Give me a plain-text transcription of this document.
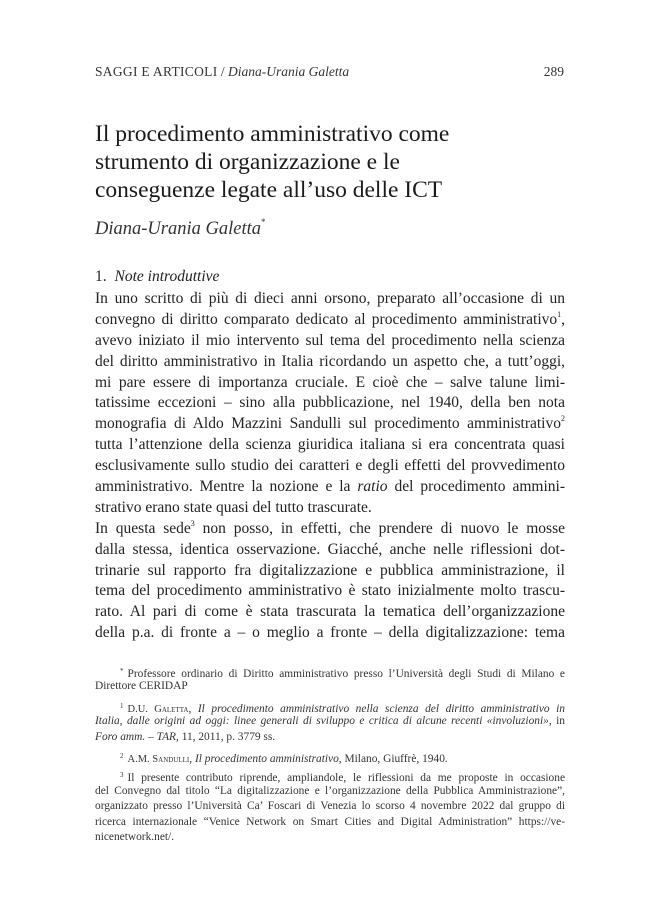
SAGGI E ARTICOLI / Diana-Urania Galetta	289
Il procedimento amministrativo come
strumento di organizzazione e le
conseguenze legate all’uso delle ICT
Diana-Urania Galetta*
1. Note introduttive
In uno scritto di più di dieci anni orsono, preparato all’occasione di un
convegno di diritto comparato dedicato al procedimento amministrativo$^1$,
avevo iniziato il mio intervento sul tema del procedimento nella scienza
del diritto amministrativo in Italia ricordando un aspetto che, a tutt’oggi,
mi pare essere di importanza cruciale. E cioè che – salve talune limi-
tatissime eccezioni – sino alla pubblicazione, nel 1940, della ben nota
monografia di Aldo Mazzini Sandulli sul procedimento amministrativo$^2$
tutta l’attenzione della scienza giuridica italiana si era concentrata quasi
esclusivamente sullo studio dei caratteri e degli effetti del provvedimento
amministrativo. Mentre la nozione e la ratio del procedimento ammini-
strativo erano state quasi del tutto trascurate.
In questa sede$^3$ non posso, in effetti, che prendere di nuovo le mosse
dalla stessa, identica osservazione. Giacché, anche nelle riflessioni dot-
trinarie sul rapporto fra digitalizzazione e pubblica amministrazione, il
tema del procedimento amministrativo è stato inizialmente molto trascu-
rato. Al pari di come è stata trascurata la tematica dell’organizzazione
della p.a. di fronte a – o meglio a fronte – della digitalizzazione: tema
* Professore ordinario di Diritto amministrativo presso l’Università degli Studi di Milano e
Direttore CERIDAP
$^1$ D.U. Galetta, Il procedimento amministrativo nella scienza del diritto amministrativo in
Italia, dalle origini ad oggi: linee generali di sviluppo e critica di alcune recenti «involuzioni», in
Foro amm. – TAR, 11, 2011, p. 3779 ss.
$^2$ A.M. Sandulli, Il procedimento amministrativo, Milano, Giuffrè, 1940.
$^3$ Il presente contributo riprende, ampliandole, le riflessioni da me proposte in occasione
del Convegno dal titolo “La digitalizzazione e l’organizzazione della Pubblica Amministrazione”,
organizzato presso l’Università Ca’ Foscari di Venezia lo scorso 4 novembre 2022 dal gruppo di
ricerca internazionale “Venice Network on Smart Cities and Digital Administration” https://ve-
nicenetwork.net/.
